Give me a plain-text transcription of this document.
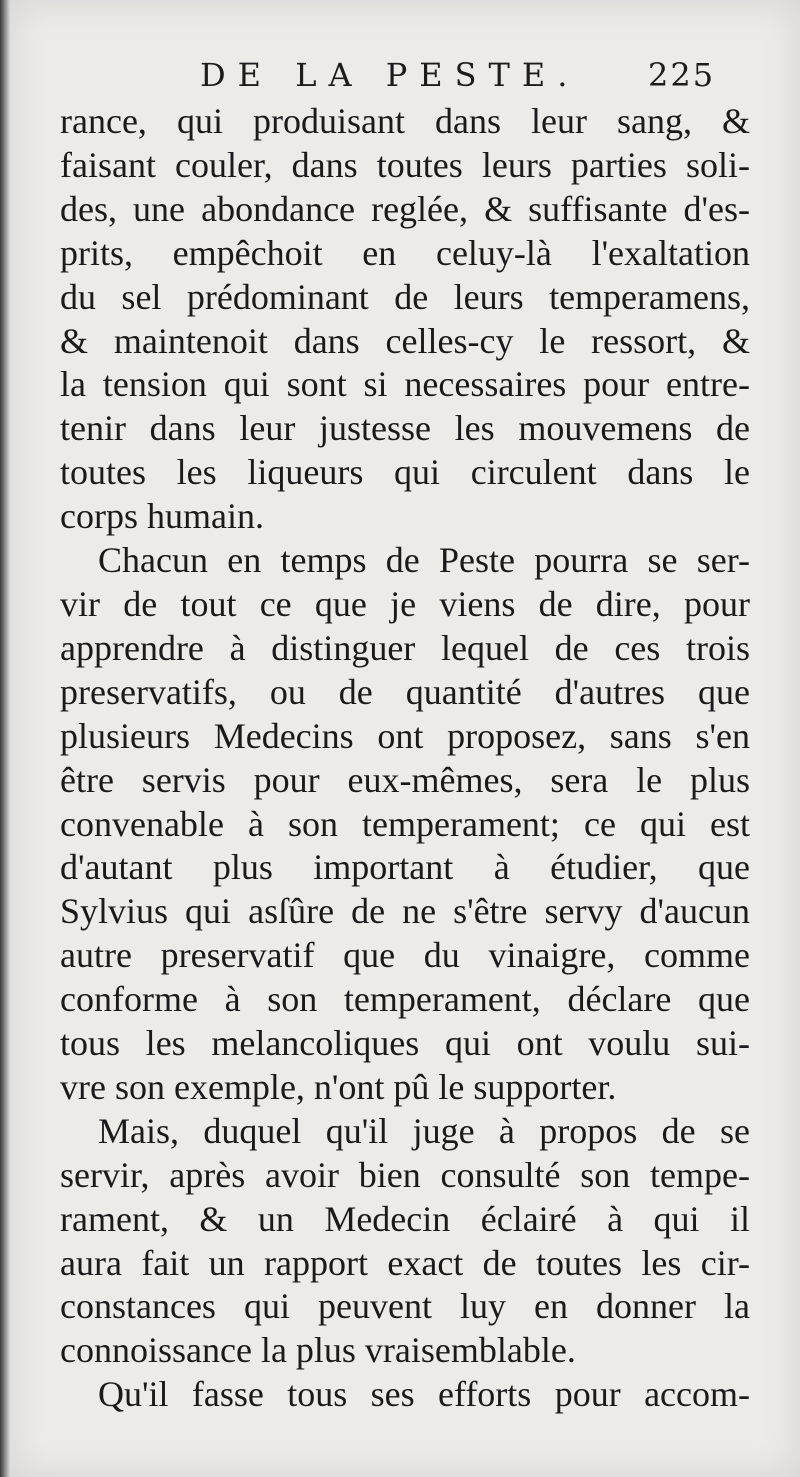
DE LA PESTE. 225
rance, qui produisant dans leur sang, &
faisant couler, dans toutes leurs parties soli-
des, une abondance reglée, & suffisante d'es-
prits, empêchoit en celuy-là l'exaltation
du sel prédominant de leurs temperamens,
& maintenoit dans celles-cy le ressort, &
la tension qui sont si necessaires pour entre-
tenir dans leur justesse les mouvemens de
toutes les liqueurs qui circulent dans le
corps humain.
Chacun en temps de Peste pourra se ser-
vir de tout ce que je viens de dire, pour
apprendre à distinguer lequel de ces trois
preservatifs, ou de quantité d'autres que
plusieurs Medecins ont proposez, sans s'en
être servis pour eux-mêmes, sera le plus
convenable à son temperament; ce qui est
d'autant plus important à étudier, que
Sylvius qui asſûre de ne s'être servy d'aucun
autre preservatif que du vinaigre, comme
conforme à son temperament, déclare que
tous les melancoliques qui ont voulu sui-
vre son exemple, n'ont pû le supporter.
Mais, duquel qu'il juge à propos de se
servir, après avoir bien consulté son tempe-
rament, & un Medecin éclairé à qui il
aura fait un rapport exact de toutes les cir-
constances qui peuvent luy en donner la
connoissance la plus vraisemblable.
Qu'il fasse tous ses efforts pour accom-
